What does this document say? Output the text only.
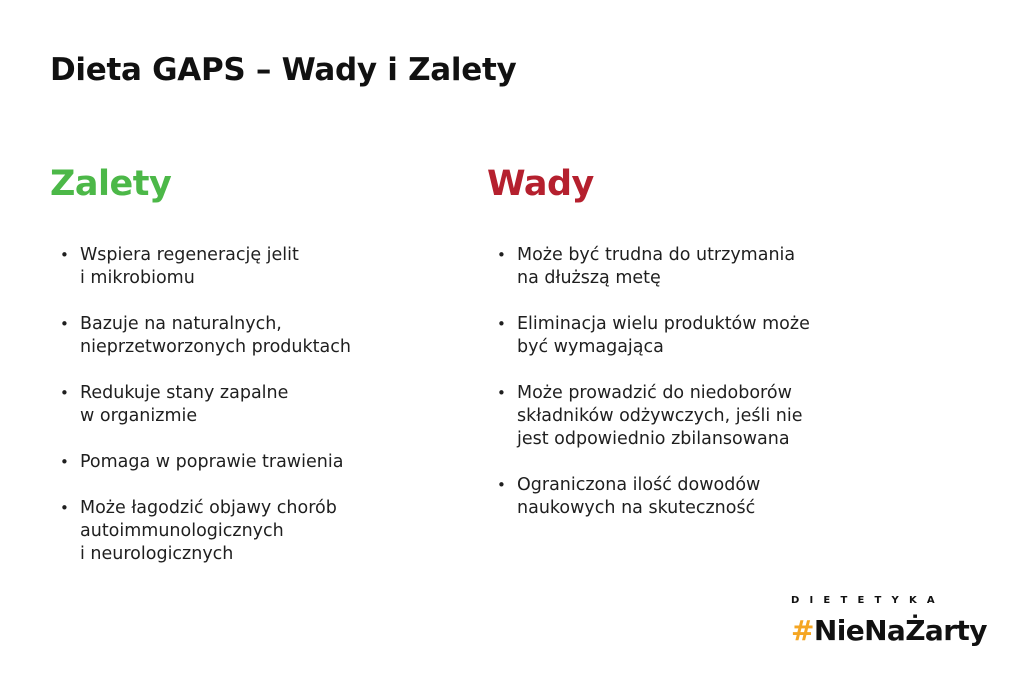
Dieta GAPS – Wady i Zalety
Zalety
• Wspiera regenerację jelit
i mikrobiomu
• Bazuje na naturalnych,
nieprzetworzonych produktach
• Redukuje stany zapalne
w organizmie
• Pomaga w poprawie trawienia
• Może łagodzić objawy chorób
autoimmunologicznych
i neurologicznych
Wady
• Może być trudna do utrzymania
na dłuższą metę
• Eliminacja wielu produktów może
być wymagająca
• Może prowadzić do niedoborów
składników odżywczych, jeśli nie
jest odpowiednio zbilansowana
• Ograniczona ilość dowodów
naukowych na skuteczność
DIETETYKA
#NieNaŻarty
